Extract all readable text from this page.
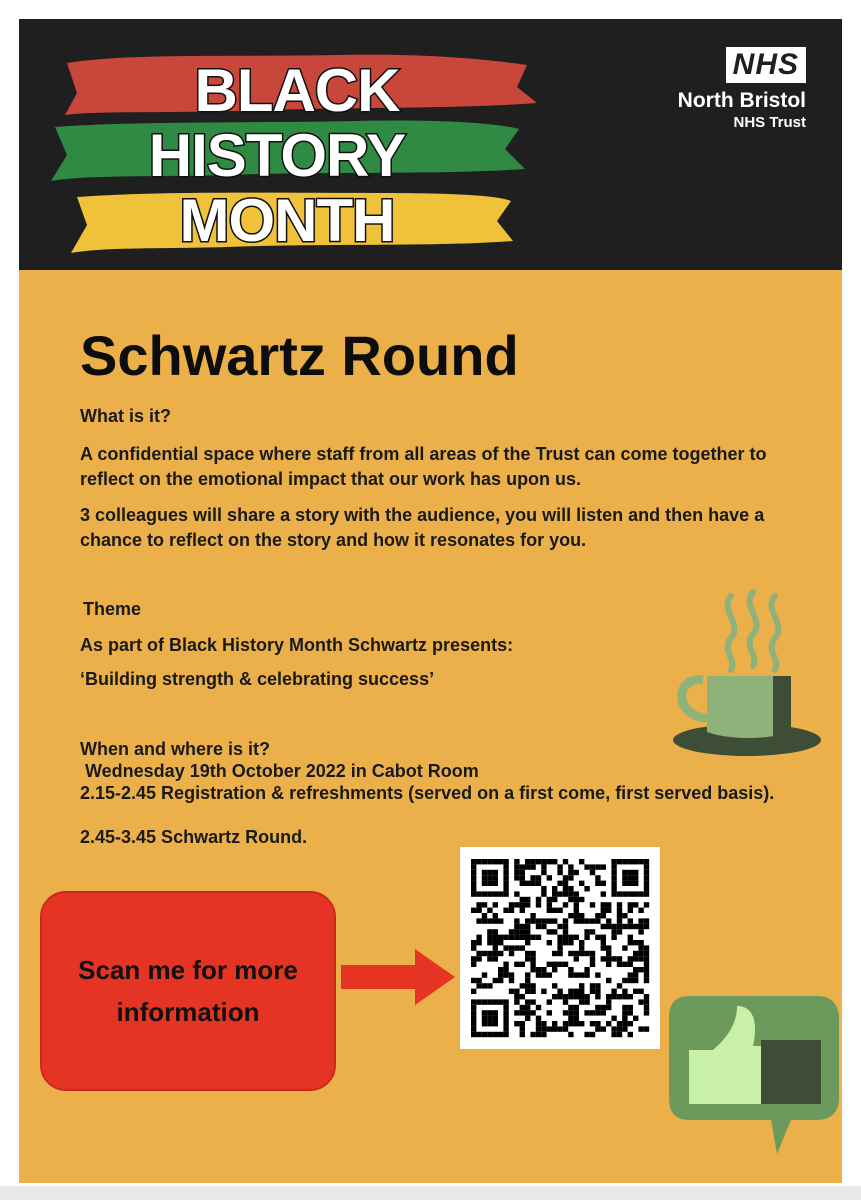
BLACK
HISTORY
MONTH
NHS
North Bristol
NHS Trust
Schwartz Round

What is it?

A confidential space where staff from all areas of the Trust can come together to reflect on the emotional impact that our work has upon us.

3 colleagues will share a story with the audience, you will listen and then have a chance to reflect on the story and how it resonates for you.

Theme

As part of Black History Month Schwartz presents:

‘Building strength & celebrating success’

When and where is it?

Wednesday 19th October 2022 in Cabot Room

2.15-2.45 Registration & refreshments (served on a first come, first served basis).

2.45-3.45 Schwartz Round.

Scan me for more information
